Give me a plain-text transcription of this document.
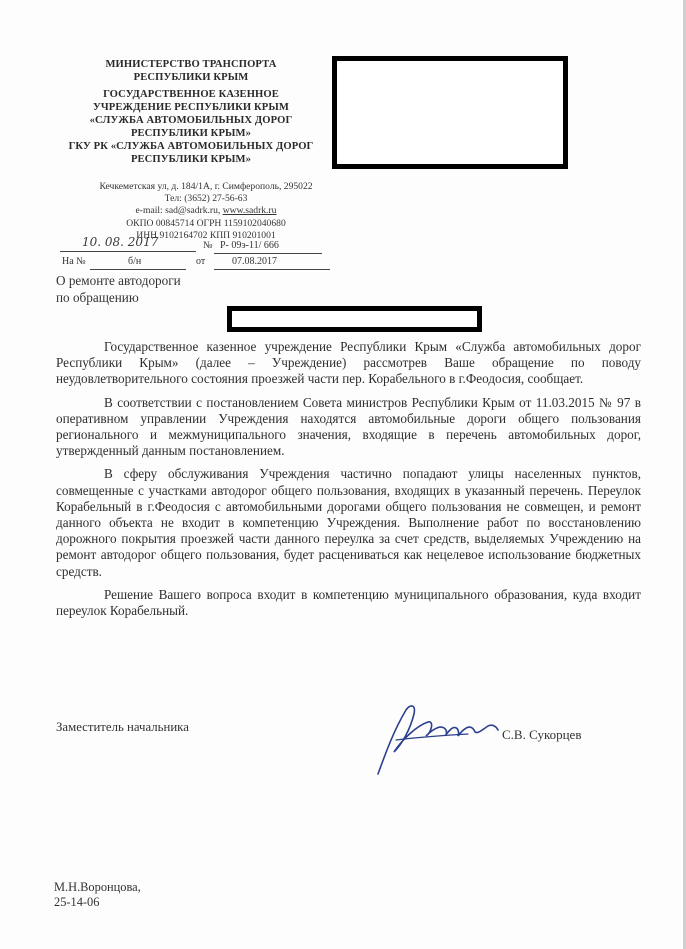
МИНИСТЕРСТВО ТРАНСПОРТА
РЕСПУБЛИКИ КРЫМ
ГОСУДАРСТВЕННОЕ КАЗЕННОЕ
УЧРЕЖДЕНИЕ РЕСПУБЛИКИ КРЫМ
«СЛУЖБА АВТОМОБИЛЬНЫХ ДОРОГ
РЕСПУБЛИКИ КРЫМ»
ГКУ РК «СЛУЖБА АВТОМОБИЛЬНЫХ ДОРОГ
РЕСПУБЛИКИ КРЫМ»
Кечкеметская ул, д. 184/1А, г. Симферополь, 295022
Тел: (3652) 27-56-63
e-mail: sad@sadrk.ru, www.sadrk.ru
ОКПО 00845714 ОГРН 1159102040680
ИНН 9102164702 КПП 910201001
10. 08. 2017	№ Р- 09э-11/ 666
На №	б/н	от	07.08.2017
О ремонте автодороги
по обращению

Государственное казенное учреждение Республики Крым «Служба автомобильных дорог Республики Крым» (далее – Учреждение) рассмотрев Ваше обращение по поводу неудовлетворительного состояния проезжей части пер. Корабельного в г.Феодосия, сообщает.

В соответствии с постановлением Совета министров Республики Крым от 11.03.2015 № 97 в оперативном управлении Учреждения находятся автомобильные дороги общего пользования регионального и межмуниципального значения, входящие в перечень автомобильных дорог, утвержденный данным постановлением.

В сферу обслуживания Учреждения частично попадают улицы населенных пунктов, совмещенные с участками автодорог общего пользования, входящих в указанный перечень. Переулок Корабельный в г.Феодосия с автомобильными дорогами общего пользования не совмещен, и ремонт данного объекта не входит в компетенцию Учреждения. Выполнение работ по восстановлению дорожного покрытия проезжей части данного переулка за счет средств, выделяемых Учреждению на ремонт автодорог общего пользования, будет расцениваться как нецелевое использование бюджетных средств.

Решение Вашего вопроса входит в компетенцию муниципального образования, куда входит переулок Корабельный.

Заместитель начальника	С.В. Сукорцев
М.Н.Воронцова,
25-14-06
